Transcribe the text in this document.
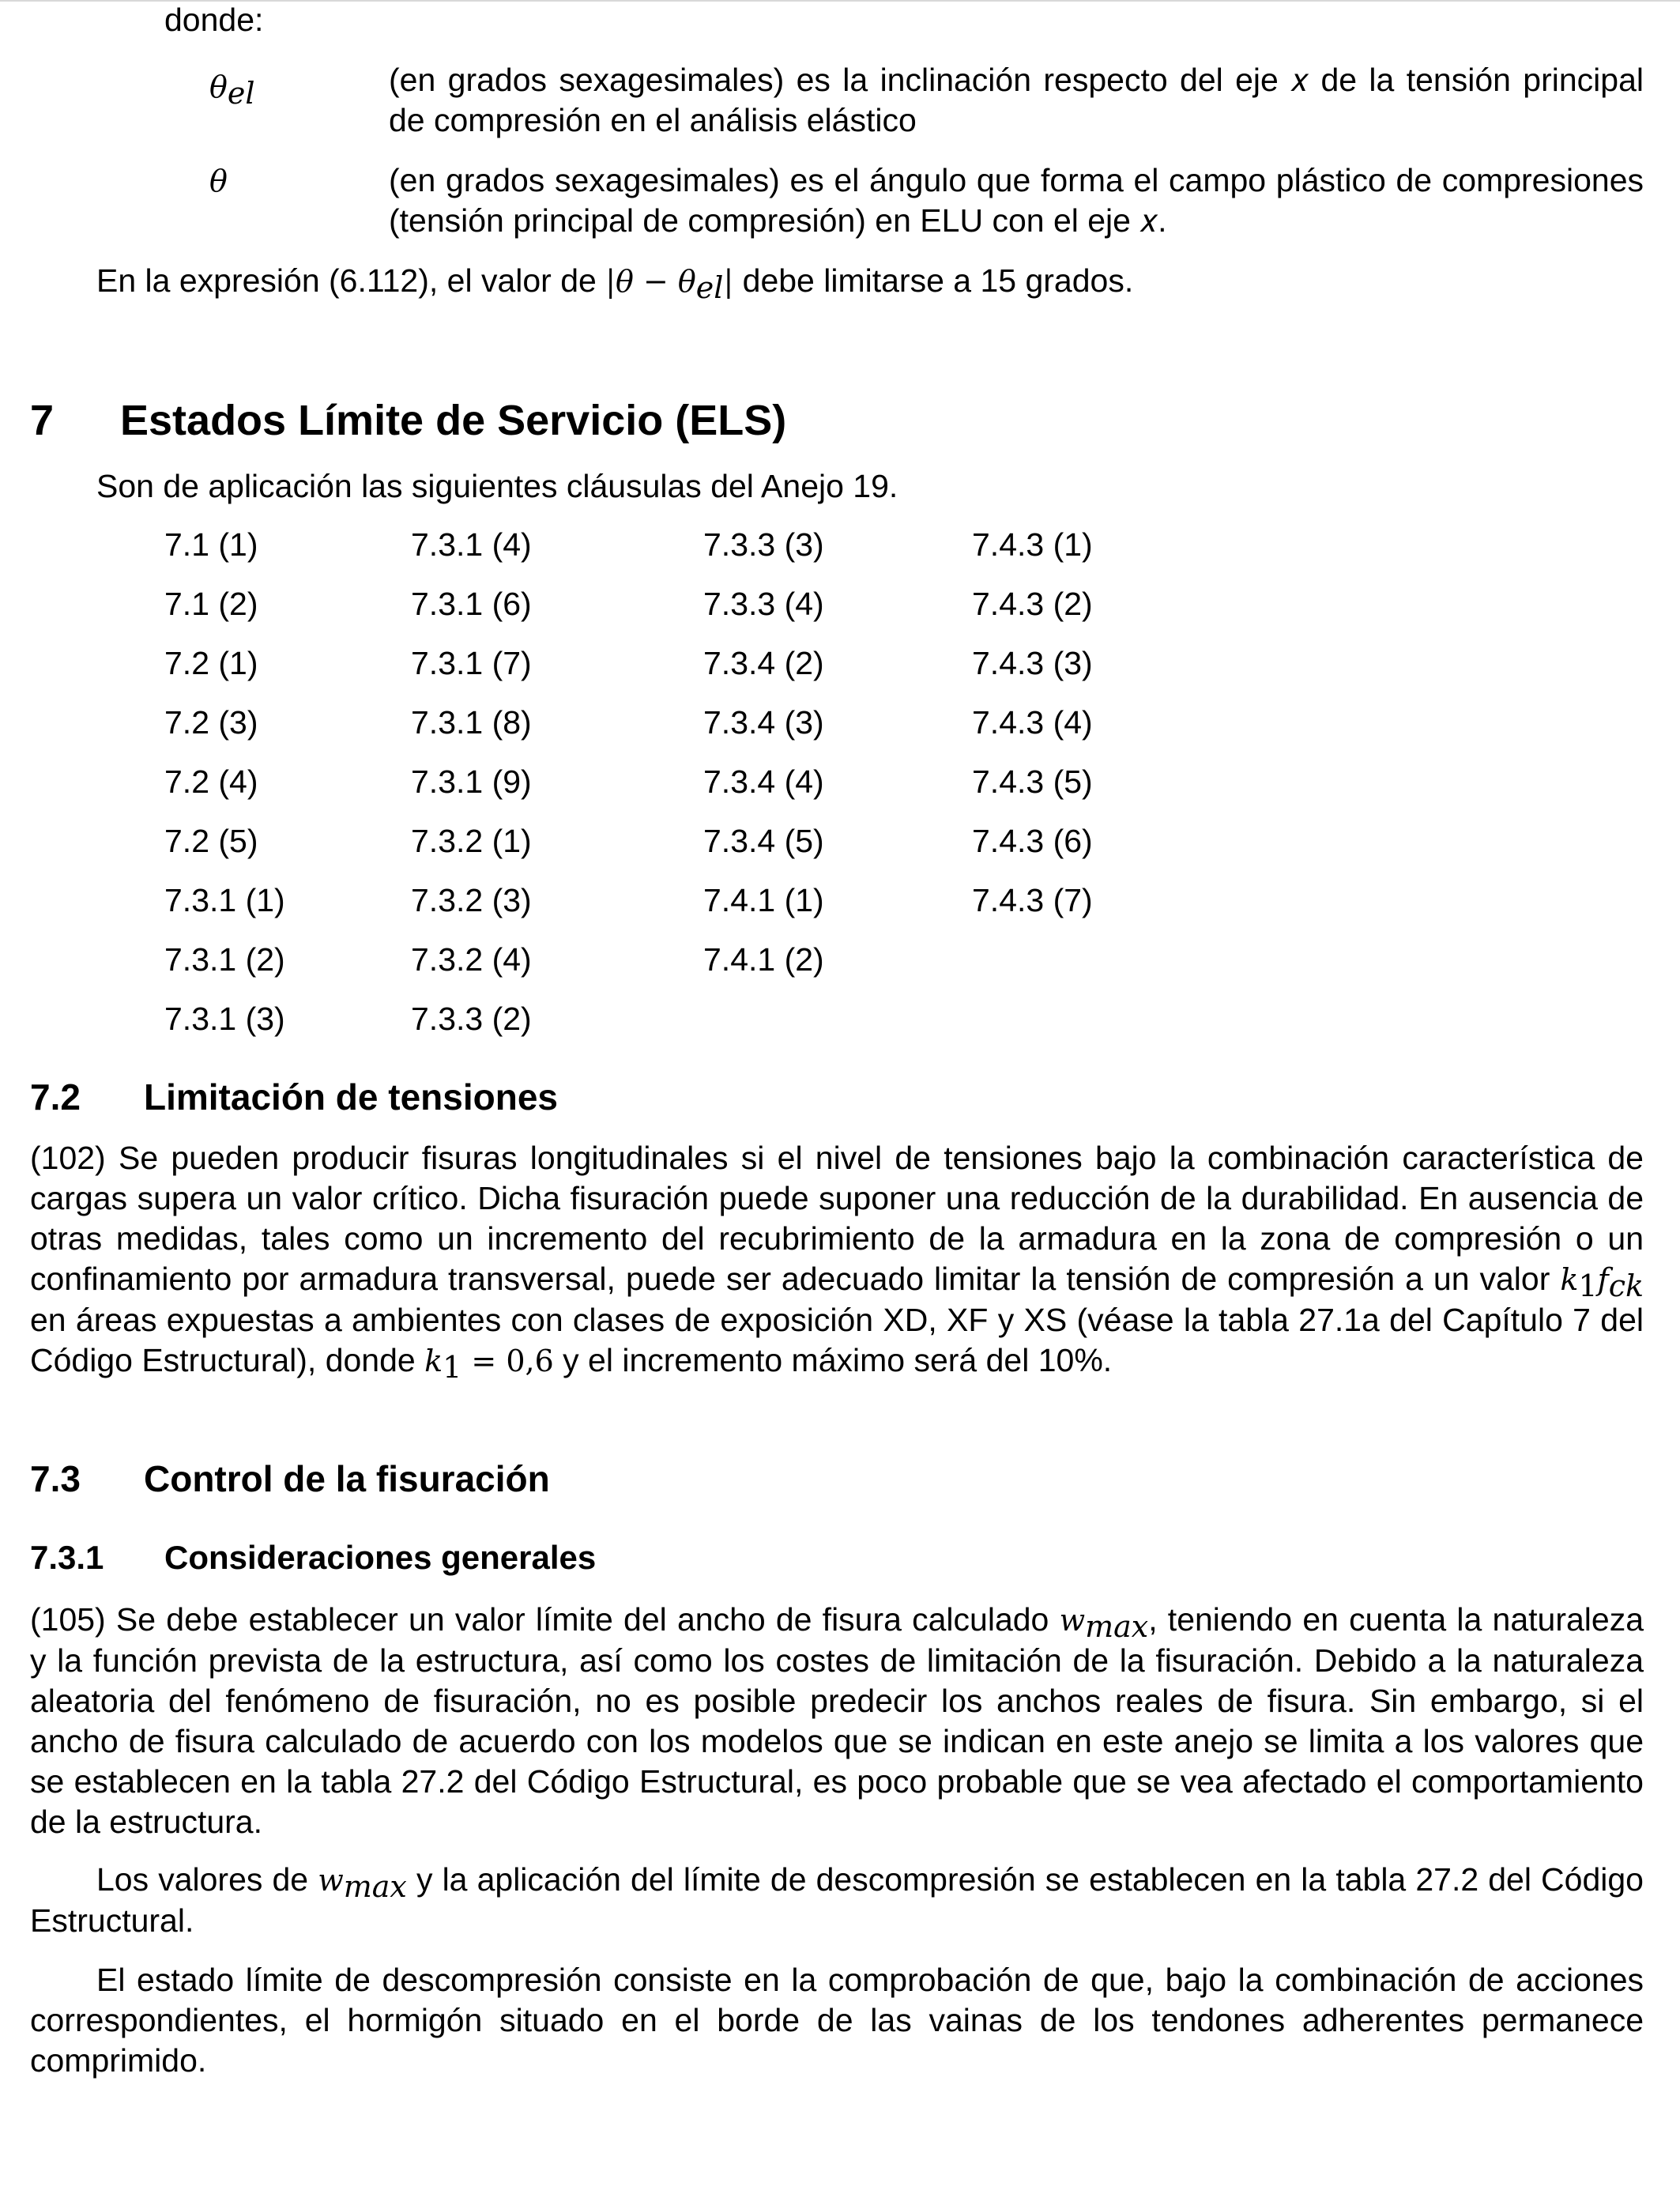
donde:
$\theta_{el}$	(en grados sexagesimales) es la inclinación respecto del eje 𝑥 de la tensión principal de compresión en el análisis elástico
θ	(en grados sexagesimales) es el ángulo que forma el campo plástico de compresiones (tensión principal de compresión) en ELU con el eje 𝑥.
En la expresión (6.112), el valor de $|\theta - \theta_{el}|$ debe limitarse a 15 grados.
7 Estados Límite de Servicio (ELS)
Son de aplicación las siguientes cláusulas del Anejo 19.
7.1 (1)
7.1 (2)
7.2 (1)
7.2 (3)
7.2 (4)
7.2 (5)
7.3.1 (1)
7.3.1 (2)
7.3.1 (3)
7.3.1 (4)
7.3.1 (6)
7.3.1 (7)
7.3.1 (8)
7.3.1 (9)
7.3.2 (1)
7.3.2 (3)
7.3.2 (4)
7.3.3 (2)
7.3.3 (3)
7.3.3 (4)
7.3.4 (2)
7.3.4 (3)
7.3.4 (4)
7.3.4 (5)
7.4.1 (1)
7.4.1 (2)
7.4.3 (1)
7.4.3 (2)
7.4.3 (3)
7.4.3 (4)
7.4.3 (5)
7.4.3 (6)
7.4.3 (7)
7.2 Limitación de tensiones
(102) Se pueden producir fisuras longitudinales si el nivel de tensiones bajo la combinación característica de cargas supera un valor crítico. Dicha fisuración puede suponer una reducción de la durabilidad. En ausencia de otras medidas, tales como un incremento del recubrimiento de la armadura en la zona de compresión o un confinamiento por armadura transversal, puede ser adecuado limitar la tensión de compresión a un valor $k_1f_{ck}$ en áreas expuestas a ambientes con clases de exposición XD, XF y XS (véase la tabla 27.1a del Capítulo 7 del Código Estructural), donde $k_1 = 0,6$ y el incremento máximo será del 10%.
7.3 Control de la fisuración
7.3.1 Consideraciones generales
(105) Se debe establecer un valor límite del ancho de fisura calculado $w_{max}$, teniendo en cuenta la naturaleza y la función prevista de la estructura, así como los costes de limitación de la fisuración. Debido a la naturaleza aleatoria del fenómeno de fisuración, no es posible predecir los anchos reales de fisura. Sin embargo, si el ancho de fisura calculado de acuerdo con los modelos que se indican en este anejo se limita a los valores que se establecen en la tabla 27.2 del Código Estructural, es poco probable que se vea afectado el comportamiento de la estructura.
Los valores de $w_{max}$ y la aplicación del límite de descompresión se establecen en la tabla 27.2 del Código Estructural.
El estado límite de descompresión consiste en la comprobación de que, bajo la combinación de acciones correspondientes, el hormigón situado en el borde de las vainas de los tendones adherentes permanece comprimido.
